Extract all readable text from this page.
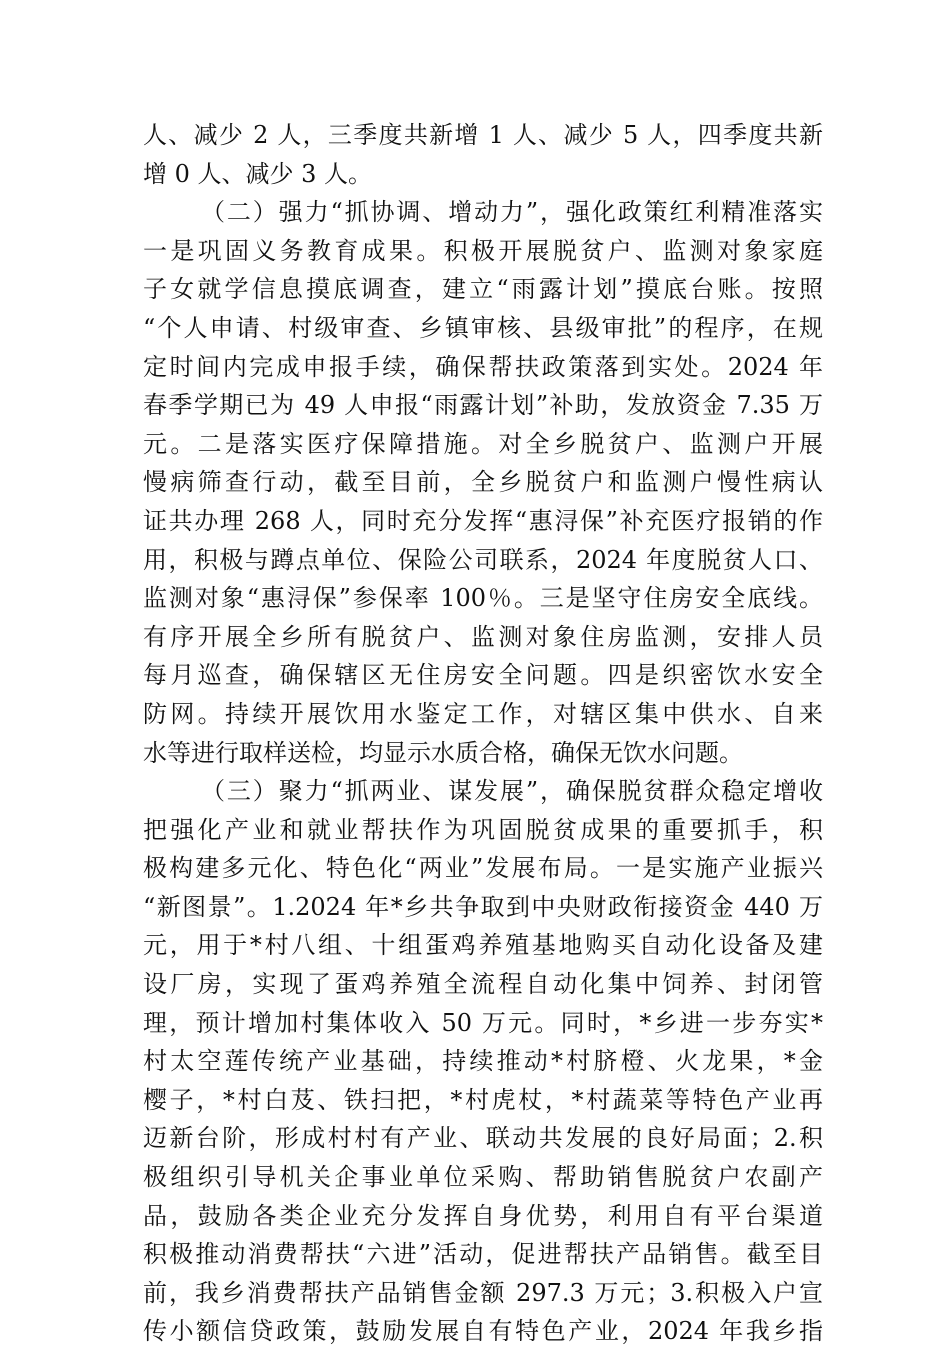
人、减少 2 人，三季度共新增 1 人、减少 5 人，四季度共新
增 0 人、减少 3 人。
（二）强力“抓协调、增动力”，强化政策红利精准落实
一是巩固义务教育成果。积极开展脱贫户、监测对象家庭
子女就学信息摸底调查，建立“雨露计划”摸底台账。按照
“个人申请、村级审查、乡镇审核、县级审批”的程序，在规
定时间内完成申报手续，确保帮扶政策落到实处。2024 年
春季学期已为 49 人申报“雨露计划”补助，发放资金 7.35 万
元。二是落实医疗保障措施。对全乡脱贫户、监测户开展
慢病筛查行动，截至目前，全乡脱贫户和监测户慢性病认
证共办理 268 人，同时充分发挥“惠浔保”补充医疗报销的作
用，积极与蹲点单位、保险公司联系，2024 年度脱贫人口、
监测对象“惠浔保”参保率 100％。三是坚守住房安全底线。
有序开展全乡所有脱贫户、监测对象住房监测，安排人员
每月巡查，确保辖区无住房安全问题。四是织密饮水安全
防网。持续开展饮用水鉴定工作，对辖区集中供水、自来
水等进行取样送检，均显示水质合格，确保无饮水问题。
（三）聚力“抓两业、谋发展”，确保脱贫群众稳定增收
把强化产业和就业帮扶作为巩固脱贫成果的重要抓手，积
极构建多元化、特色化“两业”发展布局。一是实施产业振兴
“新图景”。1.2024 年*乡共争取到中央财政衔接资金 440 万
元，用于*村八组、十组蛋鸡养殖基地购买自动化设备及建
设厂房，实现了蛋鸡养殖全流程自动化集中饲养、封闭管
理，预计增加村集体收入 50 万元。同时，*乡进一步夯实*
村太空莲传统产业基础，持续推动*村脐橙、火龙果，*金
樱子，*村白芨、铁扫把，*村虎杖，*村蔬菜等特色产业再
迈新台阶，形成村村有产业、联动共发展的良好局面；2.积
极组织引导机关企事业单位采购、帮助销售脱贫户农副产
品，鼓励各类企业充分发挥自身优势，利用自有平台渠道
积极推动消费帮扶“六进”活动，促进帮扶产品销售。截至目
前，我乡消费帮扶产品销售金额 297.3 万元；3.积极入户宣
传小额信贷政策，鼓励发展自有特色产业，2024 年我乡指
